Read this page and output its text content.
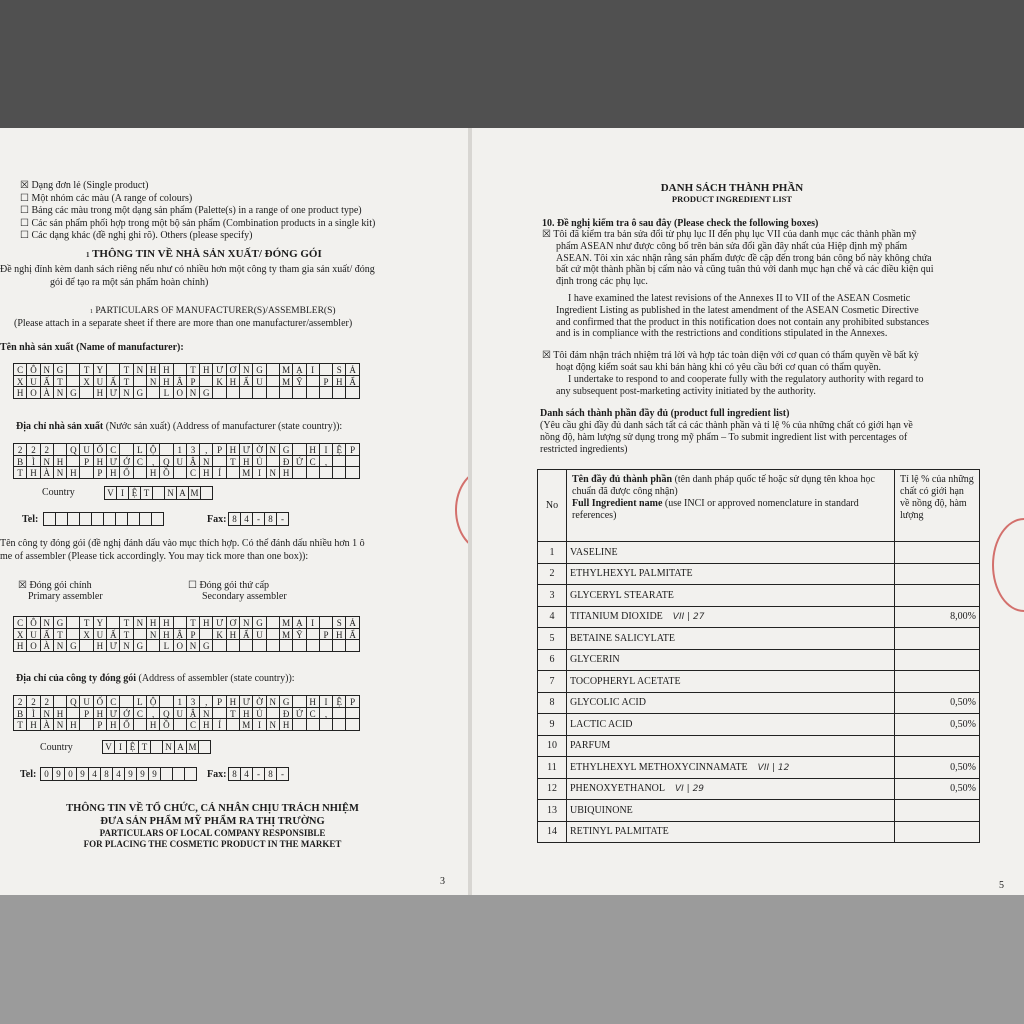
☒ Dạng đơn lẻ (Single product)
☐ Một nhóm các màu (A range of colours)
☐ Bảng các màu trong một dạng sản phẩm (Palette(s) in a range of one product type)
☐ Các sản phẩm phối hợp trong một bộ sản phẩm (Combination products in a single kit)
☐ Các dạng khác (đề nghị ghi rõ). Others (please specify)
1 THÔNG TIN VỀ NHÀ SẢN XUẤT/ ĐÓNG GÓI
Đề nghị đính kèm danh sách riêng nếu như có nhiều hơn một công ty tham gia sản xuất/ đóng
gói để tạo ra một sản phẩm hoàn chỉnh)
1 PARTICULARS OF MANUFACTURER(S)/ASSEMBLER(S)
(Please attach in a separate sheet if there are more than one manufacturer/assembler)
Tên nhà sản xuất (Name of manufacturer):
C Ô N G	T Y	T N H H	T H Ư Ơ N G	M Ạ I	S Ả
X U Ấ T	X U Ấ T	N H Ậ P	K H Ẩ U	M Ỹ	P H Ẩ
H O À N G	H Ư N G	L O N G
Địa chỉ nhà sản xuất (Nước sản xuất) (Address of manufacturer (state country)):
2 2 2	Q U Ố C	L Ộ	1 3	,	P H Ư Ờ N G	H I	Ệ P
B Ì N H	P H Ư Ớ C	, Q U Ậ N	T H Ủ	Đ Ứ C	,
T H À N H	P H Ố	H Ồ	C H Í	M I N H
Country	V I Ệ T	N A M
Tel:	Fax: 8 4 - 8 -
Tên công ty đóng gói (đề nghị đánh dấu vào mục thích hợp. Có thể đánh dấu nhiều hơn 1 ô
me of assembler (Please tick accordingly. You may tick more than one box)):
☒ Đóng gói chính
Primary assembler
☐ Đóng gói thứ cấp
Secondary assembler
C Ô N G	T Y	T N H H	T H Ư Ơ N G	M Ạ I	S Ả
X U Ấ T	X U Ấ T	N H Ậ P	K H Ẩ U	M Ỹ	P H Ẩ
H O À N G	H Ư N G	L O N G
Địa chỉ của công ty đóng gói (Address of assembler (state country)):
2 2 2	Q U Ố C	L Ộ	1 3	,	P H Ư Ờ N G	H I	Ệ P
B Ì N H	P H Ư Ớ C	, Q U Ậ N	T H Ủ	Đ Ứ C	,
T H À N H	P H Ố	H Ồ	C H Í	M I N H
Country	V I Ệ T	N A M
Tel: 0 9 0 9 4 8 4 9 9 9	Fax: 8 4 - 8 -
THÔNG TIN VỀ TỔ CHỨC, CÁ NHÂN CHỊU TRÁCH NHIỆM
ĐƯA SẢN PHẨM MỸ PHẨM RA THỊ TRƯỜNG
PARTICULARS OF LOCAL COMPANY RESPONSIBLE
FOR PLACING THE COSMETIC PRODUCT IN THE MARKET
3
DANH SÁCH THÀNH PHẦN
PRODUCT INGREDIENT LIST
10. Đề nghị kiểm tra ô sau đây (Please check the following boxes)
☒ Tôi đã kiểm tra bản sửa đổi từ phụ lục II đến phụ lục VII của danh mục các thành phần mỹ
phẩm ASEAN như được công bố trên bản sửa đổi gần đây nhất của Hiệp định mỹ phẩm
ASEAN. Tôi xin xác nhận rằng sản phẩm được đề cập đến trong bản công bố này không chứa
bất cứ một thành phần bị cấm nào và cũng tuân thủ với danh mục hạn chế và các điều kiện qui
định trong các phụ lục.
I have examined the latest revisions of the Annexes II to VII of the ASEAN Cosmetic
Ingredient Listing as published in the latest amendment of the ASEAN Cosmetic Directive
and confirmed that the product in this notification does not contain any prohibited substances
and is in compliance with the restrictions and conditions stipulated in the Annexes.
☒ Tôi đảm nhận trách nhiệm trả lời và hợp tác toàn diện với cơ quan có thẩm quyền về bất kỳ
hoạt động kiểm soát sau khi bán hàng khi có yêu cầu bởi cơ quan có thẩm quyền.
I undertake to respond to and cooperate fully with the regulatory authority with regard to
any subsequent post-marketing activity initiated by the authority.
Danh sách thành phần đầy đủ (product full ingredient list)
(Yêu cầu ghi đầy đủ danh sách tất cả các thành phần và tỉ lệ % của những chất có giới hạn về
nồng độ, hàm lượng sử dụng trong mỹ phẩm – To submit ingredient list with percentages of
restricted ingredients)
No	Tên đầy đủ thành phần (tên danh pháp quốc tế hoặc sử dụng tên khoa học chuẩn đã được công nhận)
Full Ingredient name (use INCI or approved nomenclature in standard references)	Tỉ lệ % của những chất có giới hạn về nồng độ, hàm lượng
1	VASELINE	
2	ETHYLHEXYL PALMITATE	
3	GLYCERYL STEARATE	
4	TITANIUM DIOXIDE VII | 27	8,00%
5	BETAINE SALICYLATE	
6	GLYCERIN	
7	TOCOPHERYL ACETATE	
8	GLYCOLIC ACID	0,50%
9	LACTIC ACID	0,50%
10	PARFUM	
11	ETHYLHEXYL METHOXYCINNAMATE VII | 12	0,50%
12	PHENOXYETHANOL VI | 29	0,50%
13	UBIQUINONE	
14	RETINYL PALMITATE	
5
